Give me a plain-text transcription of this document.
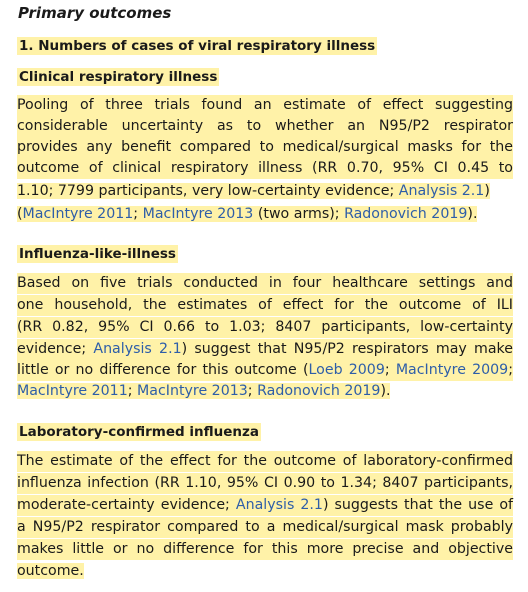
Primary outcomes
1. Numbers of cases of viral respiratory illness
Clinical respiratory illness
Pooling of three trials found an estimate of effect suggesting
considerable uncertainty as to whether an N95/P2 respirator
provides any benefit compared to medical/surgical masks for the
outcome of clinical respiratory illness (RR 0.70, 95% CI 0.45 to
1.10; 7799 participants, very low-certainty evidence; Analysis 2.1)
(MacIntyre 2011; MacIntyre 2013 (two arms); Radonovich 2019).
Influenza-like-illness
Based on five trials conducted in four healthcare settings and
one household, the estimates of effect for the outcome of ILI
(RR 0.82, 95% CI 0.66 to 1.03; 8407 participants, low-certainty
evidence; Analysis 2.1) suggest that N95/P2 respirators may make
little or no difference for this outcome (Loeb 2009; MacIntyre 2009;
MacIntyre 2011; MacIntyre 2013; Radonovich 2019).
Laboratory-confirmed influenza
The estimate of the effect for the outcome of laboratory-confirmed
influenza infection (RR 1.10, 95% CI 0.90 to 1.34; 8407 participants,
moderate-certainty evidence; Analysis 2.1) suggests that the use of
a N95/P2 respirator compared to a medical/surgical mask probably
makes little or no difference for this more precise and objective
outcome.
